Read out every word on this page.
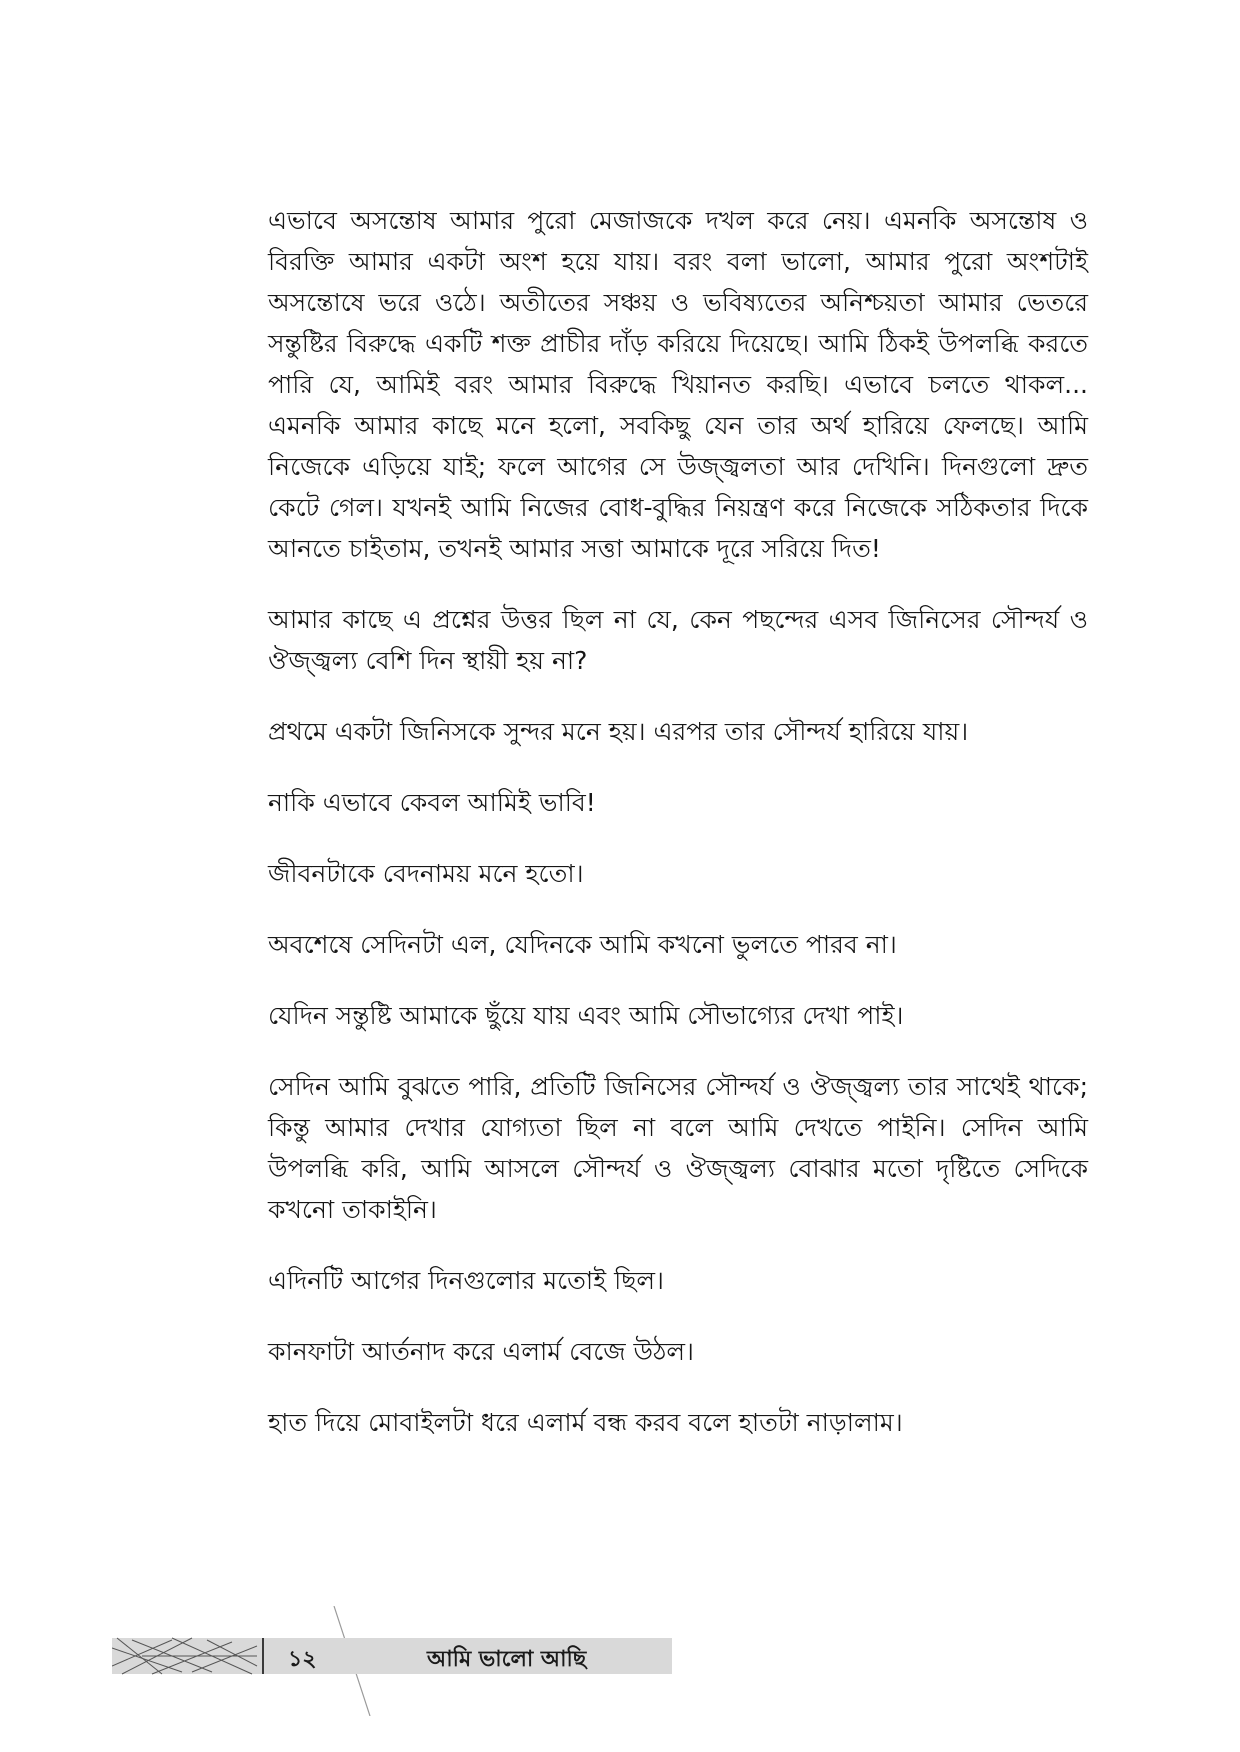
এভাবে অসন্তোষ আমার পুরো মেজাজকে দখল করে নেয়। এমনকি অসন্তোষ ও বিরক্তি আমার একটা অংশ হয়ে যায়। বরং বলা ভালো, আমার পুরো অংশটাই অসন্তোষে ভরে ওঠে। অতীতের সঞ্চয় ও ভবিষ্যতের অনিশ্চয়তা আমার ভেতরে সন্তুষ্টির বিরুদ্ধে একটি শক্ত প্রাচীর দাঁড় করিয়ে দিয়েছে। আমি ঠিকই উপলব্ধি করতে পারি যে, আমিই বরং আমার বিরুদ্ধে খিয়ানত করছি। এভাবে চলতে থাকল... এমনকি আমার কাছে মনে হলো, সবকিছু যেন তার অর্থ হারিয়ে ফেলছে। আমি নিজেকে এড়িয়ে যাই; ফলে আগের সে উজ্জ্বলতা আর দেখিনি। দিনগুলো দ্রুত কেটে গেল। যখনই আমি নিজের বোধ-বুদ্ধির নিয়ন্ত্রণ করে নিজেকে সঠিকতার দিকে আনতে চাইতাম, তখনই আমার সত্তা আমাকে দূরে সরিয়ে দিত!

আমার কাছে এ প্রশ্নের উত্তর ছিল না যে, কেন পছন্দের এসব জিনিসের সৌন্দর্য ও ঔজ্জ্বল্য বেশি দিন স্থায়ী হয় না?

প্রথমে একটা জিনিসকে সুন্দর মনে হয়। এরপর তার সৌন্দর্য হারিয়ে যায়।

নাকি এভাবে কেবল আমিই ভাবি!

জীবনটাকে বেদনাময় মনে হতো।

অবশেষে সেদিনটা এল, যেদিনকে আমি কখনো ভুলতে পারব না।

যেদিন সন্তুষ্টি আমাকে ছুঁয়ে যায় এবং আমি সৌভাগ্যের দেখা পাই।

সেদিন আমি বুঝতে পারি, প্রতিটি জিনিসের সৌন্দর্য ও ঔজ্জ্বল্য তার সাথেই থাকে; কিন্তু আমার দেখার যোগ্যতা ছিল না বলে আমি দেখতে পাইনি। সেদিন আমি উপলব্ধি করি, আমি আসলে সৌন্দর্য ও ঔজ্জ্বল্য বোঝার মতো দৃষ্টিতে সেদিকে কখনো তাকাইনি।

এদিনটি আগের দিনগুলোর মতোই ছিল।

কানফাটা আর্তনাদ করে এলার্ম বেজে উঠল।

হাত দিয়ে মোবাইলটা ধরে এলার্ম বন্ধ করব বলে হাতটা নাড়ালাম।

১২	আমি ভালো আছি
